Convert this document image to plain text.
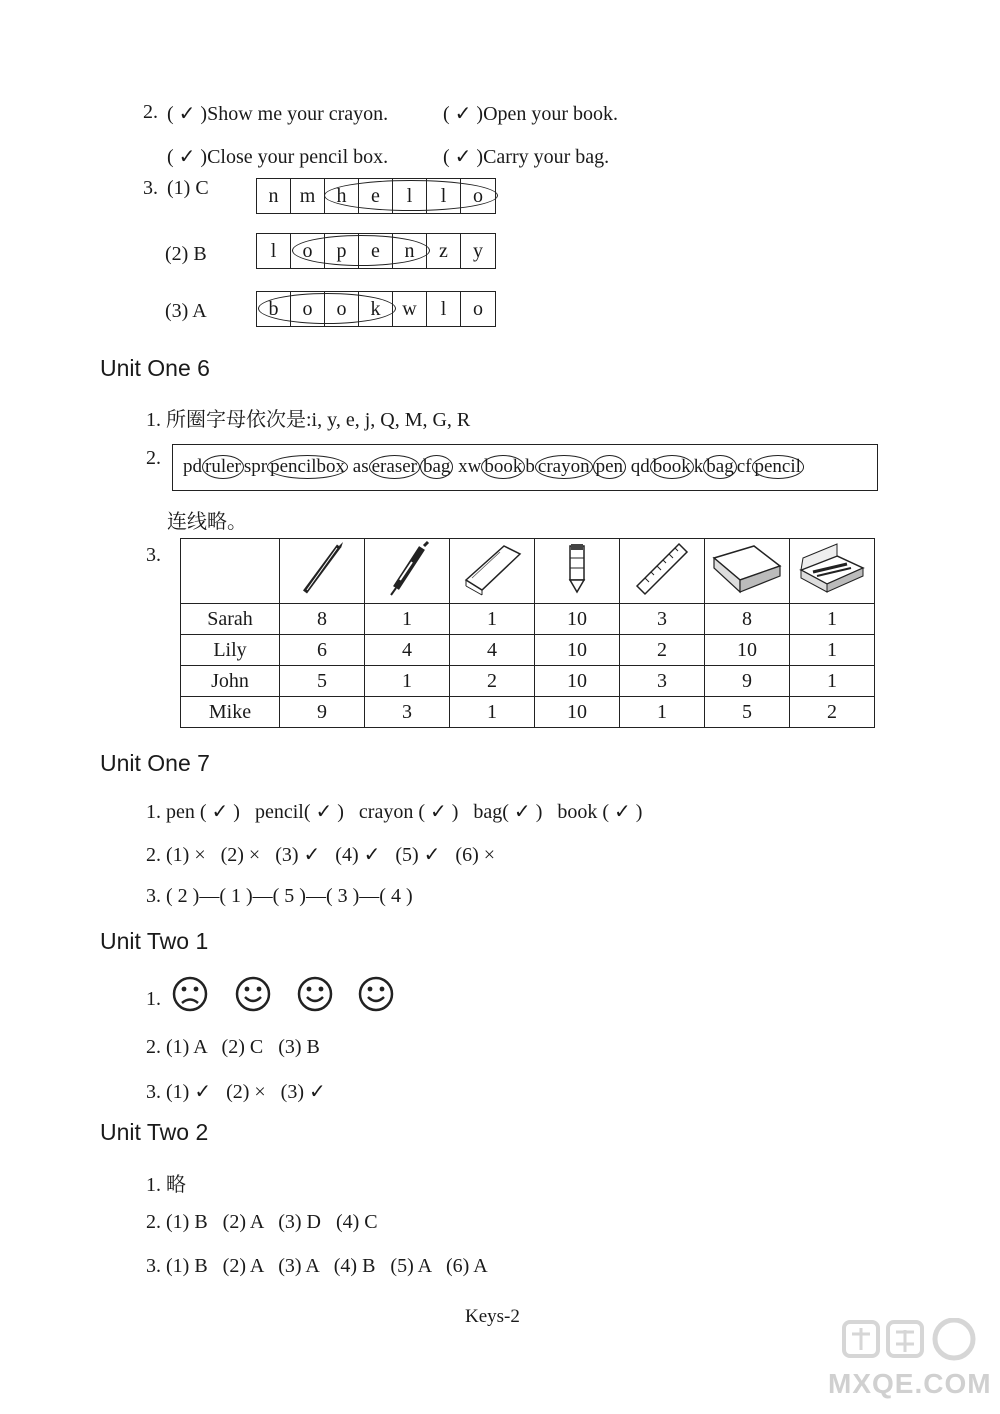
2. ( ✓ )Show me your crayon.	( ✓ )Open your book.
( ✓ )Close your pencil box.	( ✓ )Carry your bag.
3. (1) C
(2) B
(3) A
n	m	h	e	l	l	o
l	o	p	e	n	z	y
b	o	o	k	w	l	o
Unit One 6
1. 所圈字母依次是:i, y, e, j, Q, M, G, R
2. pd ruler spr pencilbox as eraser bag xw book b crayon pen qd book k bag cf pencil
连线略。
3.

Sarah	8	1	1	10	3	8	1
Lily	6	4	4	10	2	10	1
John	5	1	2	10	3	9	1
Mike	9	3	1	10	1	5	2
Unit One 7
1. pen ( ✓ )   pencil( ✓ )   crayon ( ✓ )   bag( ✓ )   book ( ✓ )
2. (1) ×   (2) ×   (3) ✓   (4) ✓   (5) ✓   (6) ×
3. ( 2 )—( 1 )—( 5 )—( 3 )—( 4 )
Unit Two 1
1.
2. (1) A   (2) C   (3) B
3. (1) ✓   (2) ×   (3) ✓
Unit Two 2
1. 略
2. (1) B   (2) A   (3) D   (4) C
3. (1) B   (2) A   (3) A   (4) B   (5) A   (6) A
Keys-2
MXQE.COM
